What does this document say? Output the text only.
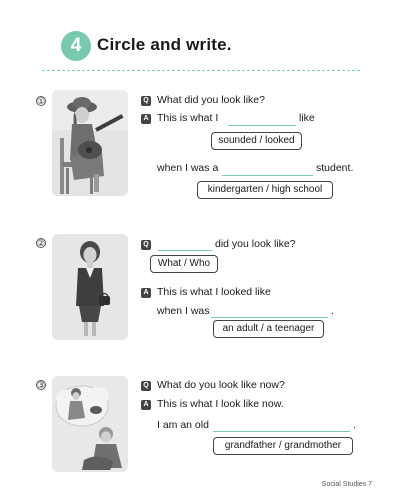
4 Circle and write.
①	Q What did you look like?
A This is what I	like
sounded / looked
when I was a	student.
kindergarten / high school
②	Q	did you look like?
What / Who
A This is what I looked like
when I was	.
an adult / a teenager
③	Q What do you look like now?
A This is what I look like now.
I am an old	.
grandfather / grandmother
Social Studies 7
